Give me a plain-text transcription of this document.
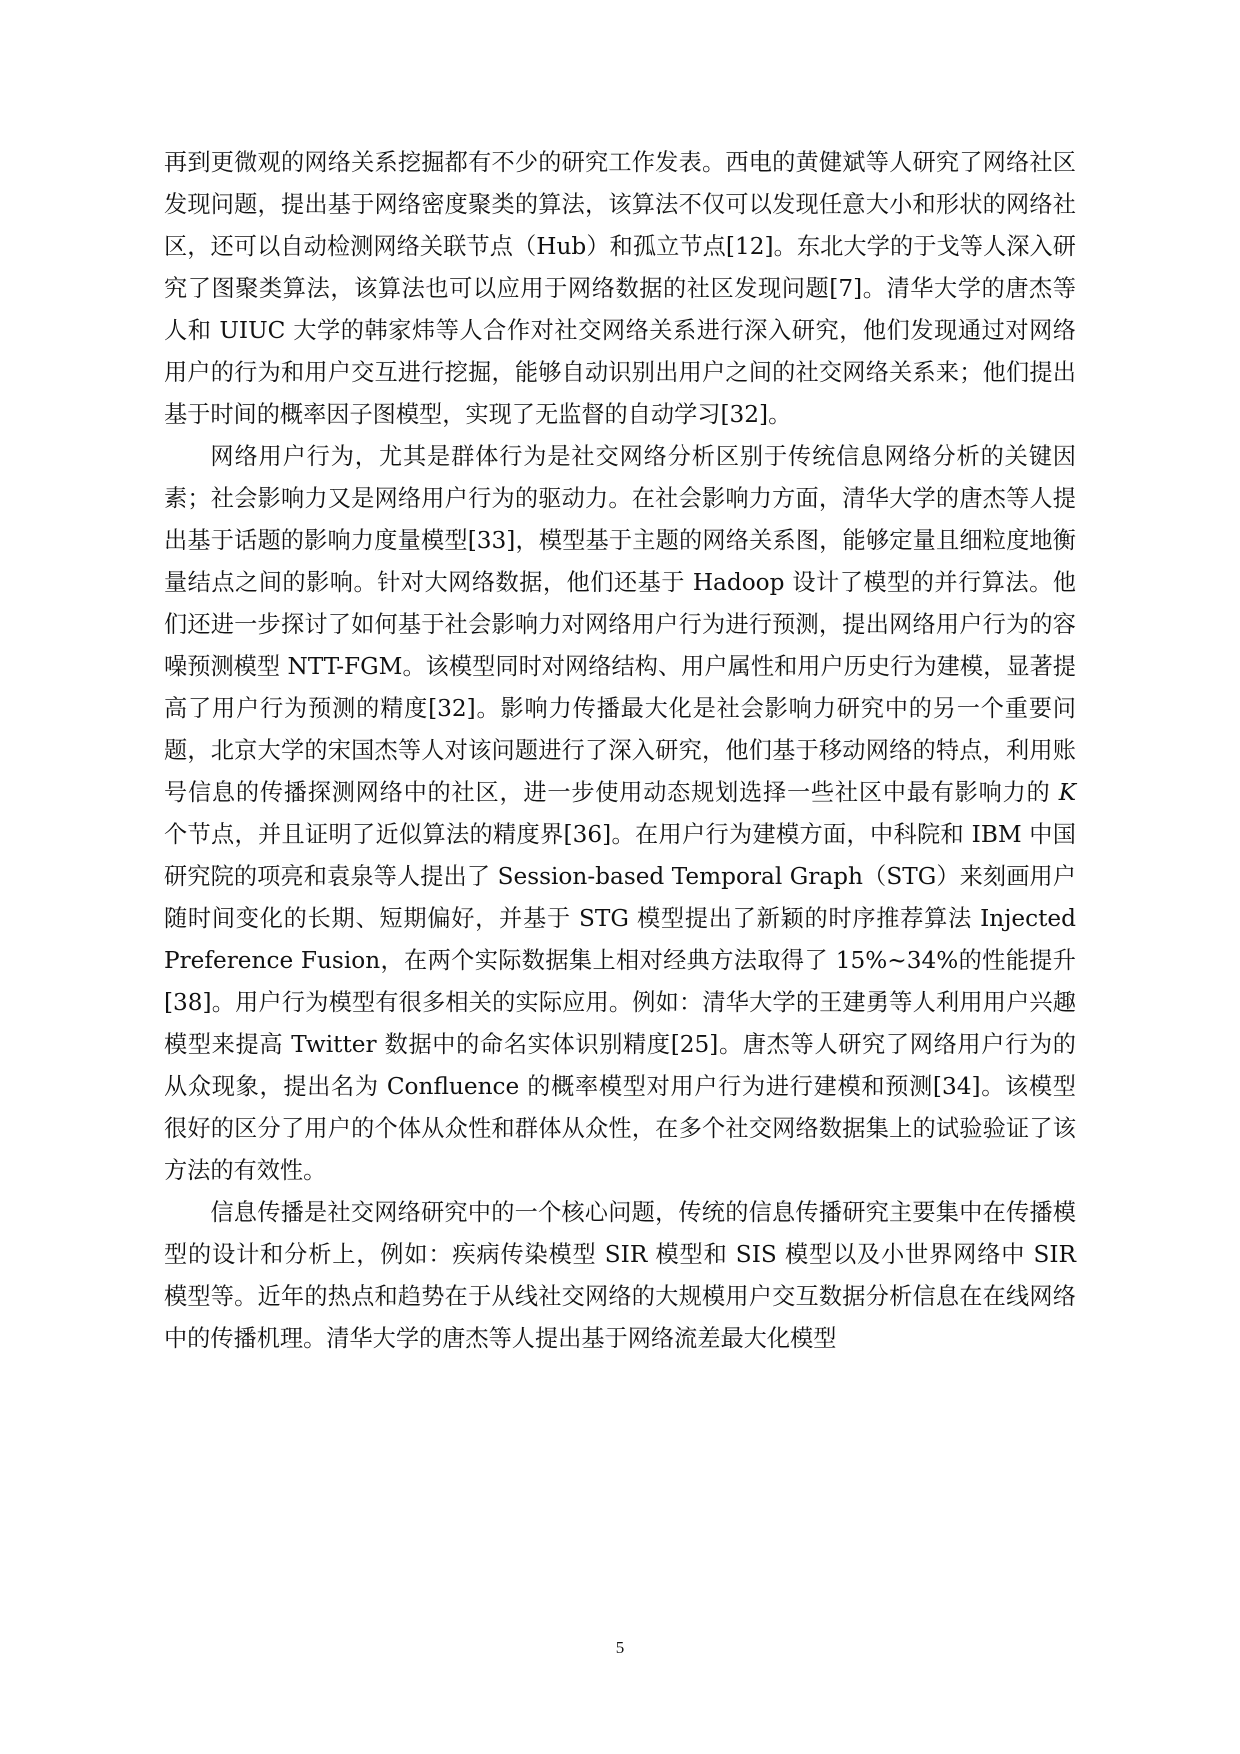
再到更微观的网络关系挖掘都有不少的研究工作发表。西电的黄健斌等人研究了网络社区发现问题，提出基于网络密度聚类的算法，该算法不仅可以发现任意大小和形状的网络社区，还可以自动检测网络关联节点（Hub）和孤立节点[12]。东北大学的于戈等人深入研究了图聚类算法，该算法也可以应用于网络数据的社区发现问题[7]。清华大学的唐杰等人和 UIUC 大学的韩家炜等人合作对社交网络关系进行深入研究，他们发现通过对网络用户的行为和用户交互进行挖掘，能够自动识别出用户之间的社交网络关系来；他们提出基于时间的概率因子图模型，实现了无监督的自动学习[32]。

网络用户行为，尤其是群体行为是社交网络分析区别于传统信息网络分析的关键因素；社会影响力又是网络用户行为的驱动力。在社会影响力方面，清华大学的唐杰等人提出基于话题的影响力度量模型[33]，模型基于主题的网络关系图，能够定量且细粒度地衡量结点之间的影响。针对大网络数据，他们还基于 Hadoop 设计了模型的并行算法。他们还进一步探讨了如何基于社会影响力对网络用户行为进行预测，提出网络用户行为的容噪预测模型 NTT-FGM。该模型同时对网络结构、用户属性和用户历史行为建模，显著提高了用户行为预测的精度[32]。影响力传播最大化是社会影响力研究中的另一个重要问题，北京大学的宋国杰等人对该问题进行了深入研究，他们基于移动网络的特点，利用账号信息的传播探测网络中的社区，进一步使用动态规划选择一些社区中最有影响力的 K 个节点，并且证明了近似算法的精度界[36]。在用户行为建模方面，中科院和 IBM 中国研究院的项亮和袁泉等人提出了 Session-based Temporal Graph（STG）来刻画用户随时间变化的长期、短期偏好，并基于 STG 模型提出了新颖的时序推荐算法 Injected Preference Fusion，在两个实际数据集上相对经典方法取得了 15%~34%的性能提升[38]。用户行为模型有很多相关的实际应用。例如：清华大学的王建勇等人利用用户兴趣模型来提高 Twitter 数据中的命名实体识别精度[25]。唐杰等人研究了网络用户行为的从众现象，提出名为 Confluence 的概率模型对用户行为进行建模和预测[34]。该模型很好的区分了用户的个体从众性和群体从众性，在多个社交网络数据集上的试验验证了该方法的有效性。

信息传播是社交网络研究中的一个核心问题，传统的信息传播研究主要集中在传播模型的设计和分析上，例如：疾病传染模型 SIR 模型和 SIS 模型以及小世界网络中 SIR 模型等。近年的热点和趋势在于从线社交网络的大规模用户交互数据分析信息在在线网络中的传播机理。清华大学的唐杰等人提出基于网络流差最大化模型

5
